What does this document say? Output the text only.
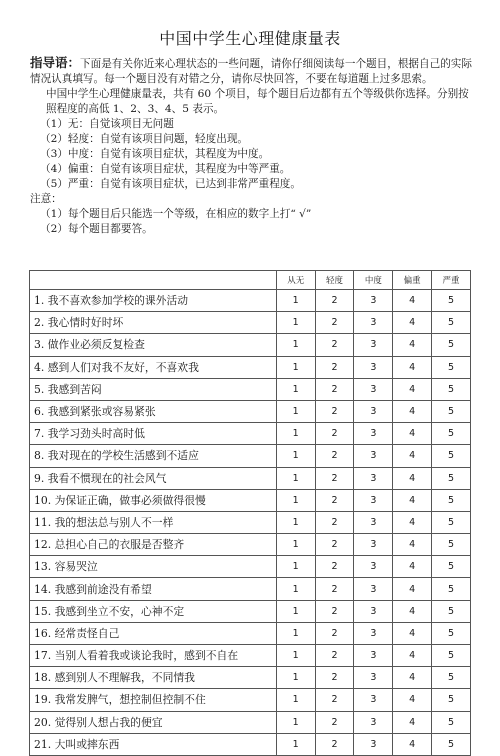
中国中学生心理健康量表

指导语：下面是有关你近来心理状态的一些问题，请你仔细阅读每一个题目，根据自己的实际情况认真填写。每一个题目没有对错之分，请你尽快回答，不要在每道题上过多思索。

中国中学生心理健康量表，共有 60 个项目，每个题目后边都有五个等级供你选择。分别按照程度的高低 1、2、3、4、5 表示。

（1）无：自觉该项目无问题
（2）轻度：自觉有该项目问题，轻度出现。
（3）中度：自觉有该项目症状，其程度为中度。
（4）偏重：自觉有该项目症状，其程度为中等严重。
（5）严重：自觉有该项目症状，已达到非常严重程度。

注意：

（1）每个题目后只能选一个等级，在相应的数字上打“ √”
（2）每个题目都要答。
	从无	轻度	中度	偏重	严重
1. 我不喜欢参加学校的课外活动	1	2	3	4	5
2. 我心情时好时坏	1	2	3	4	5
3. 做作业必须反复检查	1	2	3	4	5
4. 感到人们对我不友好，不喜欢我	1	2	3	4	5
5. 我感到苦闷	1	2	3	4	5
6. 我感到紧张或容易紧张	1	2	3	4	5
7. 我学习劲头时高时低	1	2	3	4	5
8. 我对现在的学校生活感到不适应	1	2	3	4	5
9. 我看不惯现在的社会风气	1	2	3	4	5
10. 为保证正确，做事必须做得很慢	1	2	3	4	5
11. 我的想法总与别人不一样	1	2	3	4	5
12. 总担心自己的衣服是否整齐	1	2	3	4	5
13. 容易哭泣	1	2	3	4	5
14. 我感到前途没有希望	1	2	3	4	5
15. 我感到坐立不安，心神不定	1	2	3	4	5
16. 经常责怪自己	1	2	3	4	5
17. 当别人看着我或谈论我时，感到不自在	1	2	3	4	5
18. 感到别人不理解我，不同情我	1	2	3	4	5
19. 我常发脾气，想控制但控制不住	1	2	3	4	5
20. 觉得别人想占我的便宜	1	2	3	4	5
21. 大叫或摔东西	1	2	3	4	5
